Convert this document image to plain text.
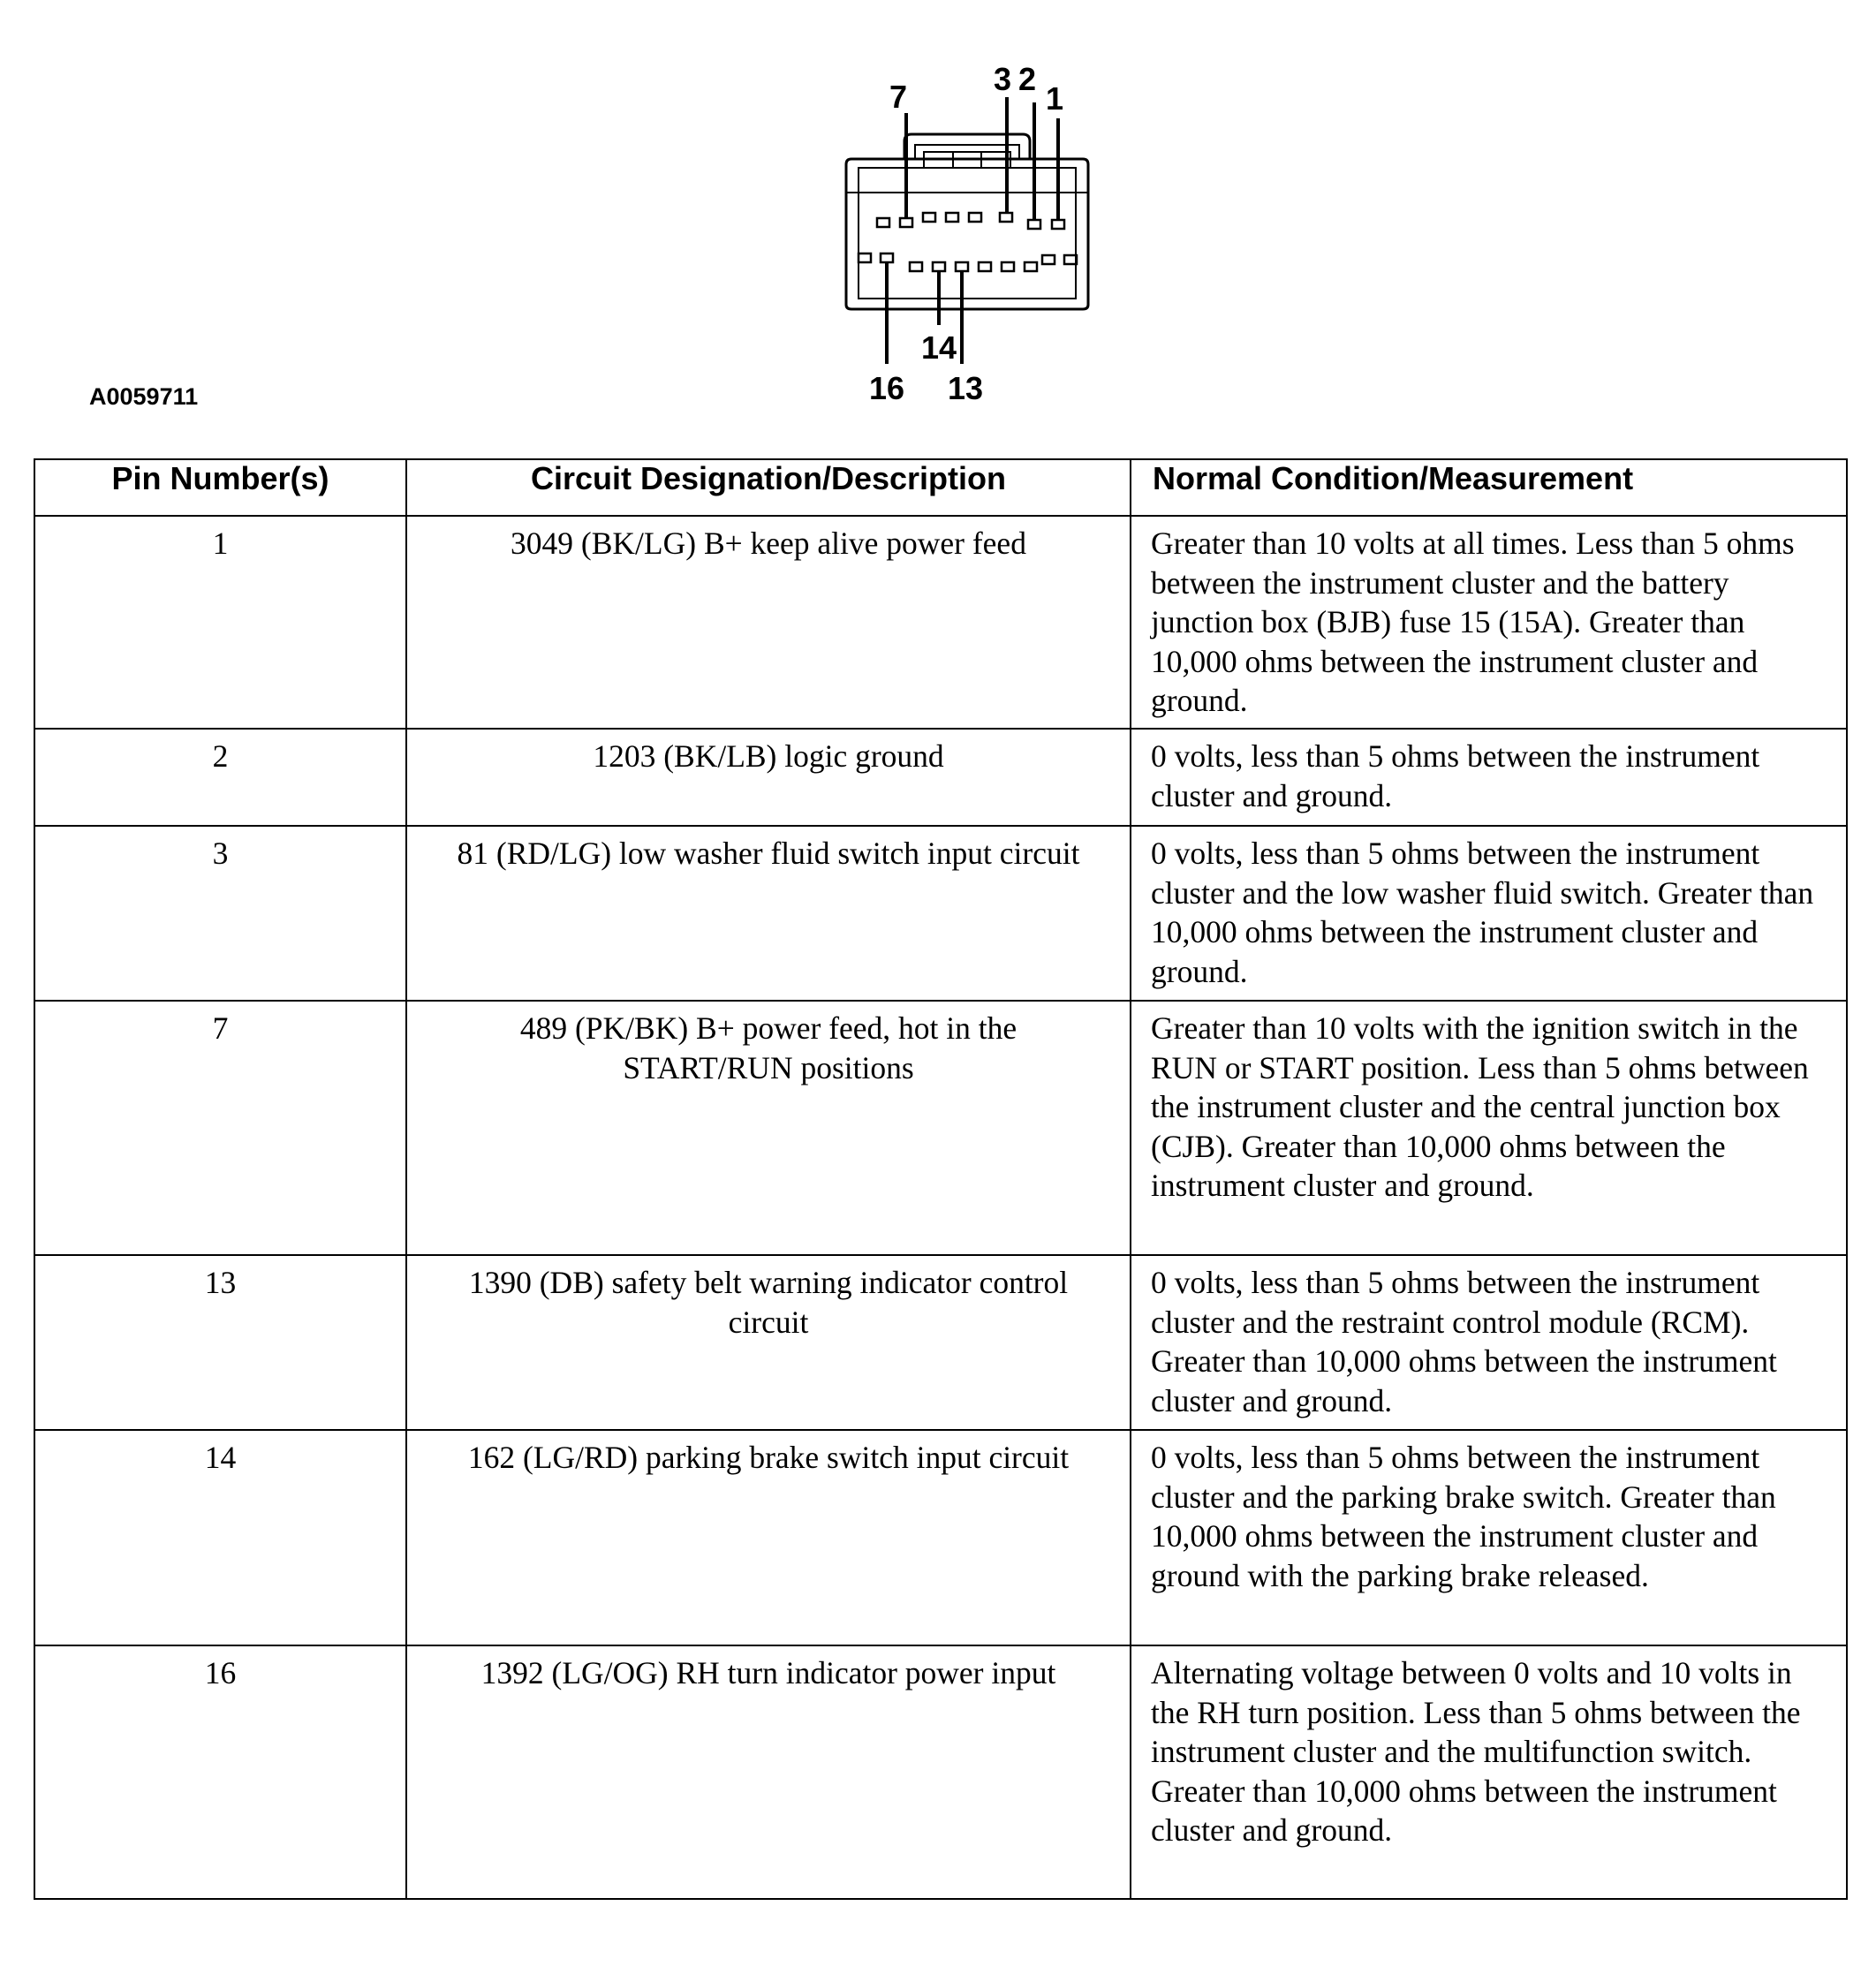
7	3 2
1
14
16 13
A0059711
Pin Number(s)	Circuit Designation/Description	Normal Condition/Measurement
1	3049 (BK/LG) B+ keep alive power feed	Greater than 10 volts at all times. Less than 5 ohms between the instrument cluster and the battery junction box (BJB) fuse 15 (15A). Greater than 10,000 ohms between the instrument cluster and ground.
2	1203 (BK/LB) logic ground	0 volts, less than 5 ohms between the instrument cluster and ground.
3	81 (RD/LG) low washer fluid switch input circuit	0 volts, less than 5 ohms between the instrument cluster and the low washer fluid switch. Greater than 10,000 ohms between the instrument cluster and ground.
7	489 (PK/BK) B+ power feed, hot in the START/RUN positions	Greater than 10 volts with the ignition switch in the RUN or START position. Less than 5 ohms between the instrument cluster and the central junction box (CJB). Greater than 10,000 ohms between the instrument cluster and ground.
13	1390 (DB) safety belt warning indicator control circuit	0 volts, less than 5 ohms between the instrument cluster and the restraint control module (RCM). Greater than 10,000 ohms between the instrument cluster and ground.
14	162 (LG/RD) parking brake switch input circuit	0 volts, less than 5 ohms between the instrument cluster and the parking brake switch. Greater than 10,000 ohms between the instrument cluster and ground with the parking brake released.
16	1392 (LG/OG) RH turn indicator power input	Alternating voltage between 0 volts and 10 volts in the RH turn position. Less than 5 ohms between the instrument cluster and the multifunction switch. Greater than 10,000 ohms between the instrument cluster and ground.
